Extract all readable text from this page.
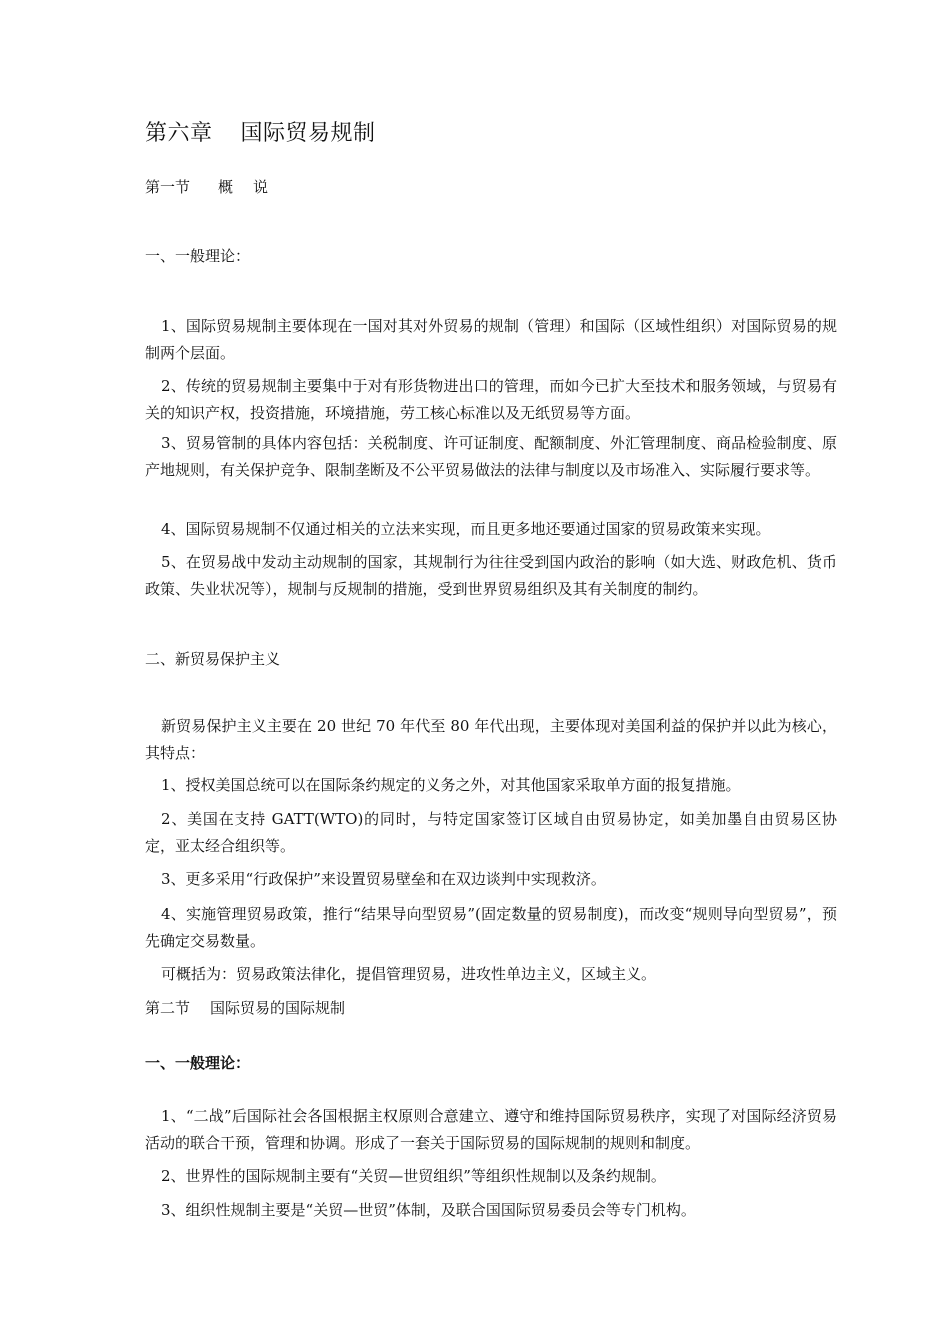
第六章 国际贸易规制
第一节 概 说
一、一般理论：

1、国际贸易规制主要体现在一国对其对外贸易的规制（管理）和国际（区域性组织）对国际贸易的规制两个层面。

2、传统的贸易规制主要集中于对有形货物进出口的管理，而如今已扩大至技术和服务领域，与贸易有关的知识产权，投资措施，环境措施，劳工核心标准以及无纸贸易等方面。

3、贸易管制的具体内容包括：关税制度、许可证制度、配额制度、外汇管理制度、商品检验制度、原产地规则，有关保护竞争、限制垄断及不公平贸易做法的法律与制度以及市场准入、实际履行要求等。

4、国际贸易规制不仅通过相关的立法来实现，而且更多地还要通过国家的贸易政策来实现。

5、在贸易战中发动主动规制的国家，其规制行为往往受到国内政治的影响（如大选、财政危机、货币政策、失业状况等），规制与反规制的措施，受到世界贸易组织及其有关制度的制约。

二、新贸易保护主义

新贸易保护主义主要在 20 世纪 70 年代至 80 年代出现，主要体现对美国利益的保护并以此为核心，其特点：

1、授权美国总统可以在国际条约规定的义务之外，对其他国家采取单方面的报复措施。

2、美国在支持 GATT(WTO)的同时，与特定国家签订区域自由贸易协定，如美加墨自由贸易区协定，亚太经合组织等。

3、更多采用“行政保护”来设置贸易壁垒和在双边谈判中实现救济。

4、实施管理贸易政策，推行“结果导向型贸易”(固定数量的贸易制度)，而改变“规则导向型贸易”，预先确定交易数量。

可概括为：贸易政策法律化，提倡管理贸易，进攻性单边主义，区域主义。

第二节 国际贸易的国际规制
一、一般理论：

1、“二战”后国际社会各国根据主权原则合意建立、遵守和维持国际贸易秩序，实现了对国际经济贸易活动的联合干预，管理和协调。形成了一套关于国际贸易的国际规制的规则和制度。

2、世界性的国际规制主要有“关贸—世贸组织”等组织性规制以及条约规制。

3、组织性规制主要是“关贸—世贸”体制，及联合国国际贸易委员会等专门机构。
